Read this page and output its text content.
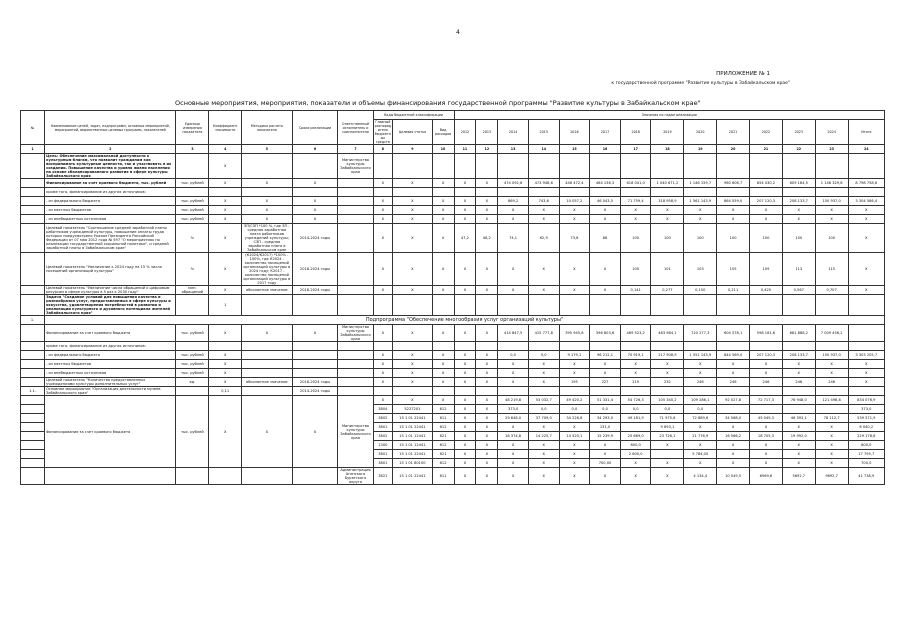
4
ПРИЛОЖЕНИЕ № 1
к государственной программе "Развитие культуры в Забайкальском крае"
Основные мероприятия, мероприятия, показатели и объемы финансирования государственной программы "Развитие культуры в Забайкальском крае"
№	Наименование целей, задач, подпрограмм, основных мероприятий, мероприятий, ведомственных целевых программ, показателей	Единица измерения показателя	Коэффициент значимости	Методика расчета показателя	Сроки реализации	Ответственный исполнитель и соисполнители	Коды бюджетной классификации			Значения по годам реализации													
							Главный распорядитель бюджетных средств	Целевая статья	Вид расходов	2012	2013	2014	2015	2016	2017	2018	2019	2020	2021	2022	2023	2024	Итого
1	2	3	4	5	6	7	8	9	10	11	12	13	14	15	16	17	18	19	20	21	22	23	24
	Цель: Обеспечение максимальной доступности к культурным благам, что позволит гражданам как воспринимать культурные ценности, так и участвовать в их создании. Повышение качества и уровня жизни населения на основе сбалансированного развития в сфере культуры Забайкальского края		X			Министерство культуры Забайкальского края																	
	Финансирование за счет краевого бюджета, тыс. рублей	тыс. рублей	X	X	X		X	X	X	X	X	474 092,6	473 948,6	446 472,4	464 136,3	618 041,0	1 040 671,2	1 146 159,7	960 606,7	854 430,2	609 184,5	1 146 329,6	8 798 758,6
	кроме того, финансирование из других источников:																						
	- из федерального бюджета	тыс. рублей	X	X	X		X	X	X	X	X	869,2	743,6	10 057,2	46 043,5	71 759,4	318 958,9	1 561 143,9	864 559,0	207 120,3	208 133,7	150 937,0	3 304 586,4
	- из местных бюджетов	тыс. рублей	X	X	X		X	X	X	X	X	X	X	X	X	X	X	X	X	X	X	X	X
	- из внебюджетных источников	тыс. рублей	X	X	X		X	X	X	X	X	X	X	X	X	X	X	X	X	X	X	X	X
	Целевой показатель "Соотношение средней заработной платы работников учреждений культуры, повышение оплаты труда которых предусмотрено Указом Президента Российской Федерации от 07 мая 2012 года № 597 "О мероприятиях по реализации государственной социальной политики", и средней заработной платы в Забайкальском крае"	%	X	ЗП/СЗП *100 %, где ЗП - средняя заработная плата работников учреждений культуры; СЗП - средняя заработная плата в Забайкальском крае	2014-2024 годы		X	X	X	47,2	48,2	74,1	62,9	73,8	86	100	100	100	100	100	100	100	X
	Целевой показатель "Увеличение к 2024 году на 15 % числа посещений организаций культуры"	%	X	(К2024/К2017) *100% - 100%, где К2024 - количество посещений организаций культуры в 2024 году; К2017 - количество посещений организаций культуры в 2017 году	2018-2024 годы		X	X	X	X	X	X	X	X	X	100	101	103	105	109	113	115	X
	Целевой показатель "Увеличение числа обращений к цифровым ресурсам в сфере культуры в 5 раз к 2030 году"	млн. обращений	X	абсолютное значение	2018-2024 годы		X	X	X	X	X	X	X	X	X	0,141	0,277	0,150	0,211	0,425	0,567	0,707	X
	Задача "Создание условий для повышения качества и разнообразия услуг, предоставляемых в сфере культуры и искусства, удовлетворения потребностей в развитии и реализации культурного и духовного потенциала жителей Забайкальского края"		1																				
1.	Подпрограмма "Обеспечение многообразия услуг организаций культуры"																						
	Финансирование за счет краевого бюджета	тыс. рублей	X	X	X	Министерство культуры Забайкальского края	X	X	X	X	X	414 847,5	415 777,8	395 945,8	396 803,6	489 523,2	483 984,1	720 277,3	604 578,1	598 181,6	681 888,2	7 009 456,2	
	кроме того, финансирование из других источников:																						
	- из федерального бюджета	тыс. рублей	X				X	X	X	X	X	0,0	0,0	9 179,1	96 212,1	70 919,1	217 908,9	1 551 143,9	844 569,0	207 120,3	208 133,7	150 937,0	3 303 205,7
	- из местных бюджетов	тыс. рублей	X				X	X	X	X	X	X	X	X	X	X	X	X	X	X	X	X	X
	- из внебюджетных источников	тыс. рублей	X				X	X	X	X	X	X	X	X	X	X	X	X	X	X	X	X	X
	Целевой показатель "Количество предоставленных учреждениями культуры дополнительных услуг"	ед.	X	абсолютное значение	2018-2024 годы		X	X	X	X	X	X	X	195	227	219	232	246	246	246	246	246	X
1.1.	Основное мероприятие "Организация деятельности музеев Забайкальского края"		0,11		2014-2024 годы																		
	Финансирование за счет краевого бюджета	тыс. рублей	X	X	X	Министерство культуры Забайкальского края	X	X	X	X	X	48 219,8	53 032,7	49 420,2	51 331,4	54 726,3	105 340,2	109 286,1	92 027,8	72 717,3	76 948,0	121 498,8	834 076,9
							3804	5227201	612	X	X	373,0	0,0	0,0	0,0	0,0	0,0	0,0					373,0
							3802	15 1 01 22441	611	X	X	29 648,0	37 709,0	34 226,8	34 293,0	49 181,9	71 975,6	72 889,6	34 568,0	45 049,3	46 393,1	78 112,7	539 571,9
							3801	15 1 01 22441	612	X	X	X	X	X	131,0		9 893,1	X	X	X	X	X	6 040,2
							3802	15 1 01 12441	621	X	X	18 374,8	14 225,7	14 520,1	15 239,9	20 669,0	23 726,1	21 776,9	16 566,2	18 705,3	19 992,0	X	229 178,6
							1300	15 1 01 12441	612	X	X	X	X	X	X	800,0	X	X	X	X	X	X	800,0
							3801	15 1 01 22441	621	X	X	X	X	X	X	2 600,0		5 784,00	X	X	X	X	17 795,7
							3801	15 1 01 80100	612	X	X	X	X	X	700,00	X	X	X	X	X	X	X	700,0
						Администрация Агинского Бурятского округа	3821	15 1 01 22441	611	X	X	X	X	X	X	X	X	4 134,4	10 549,5	6969,6	5692,7	9692,7	41 738,9
